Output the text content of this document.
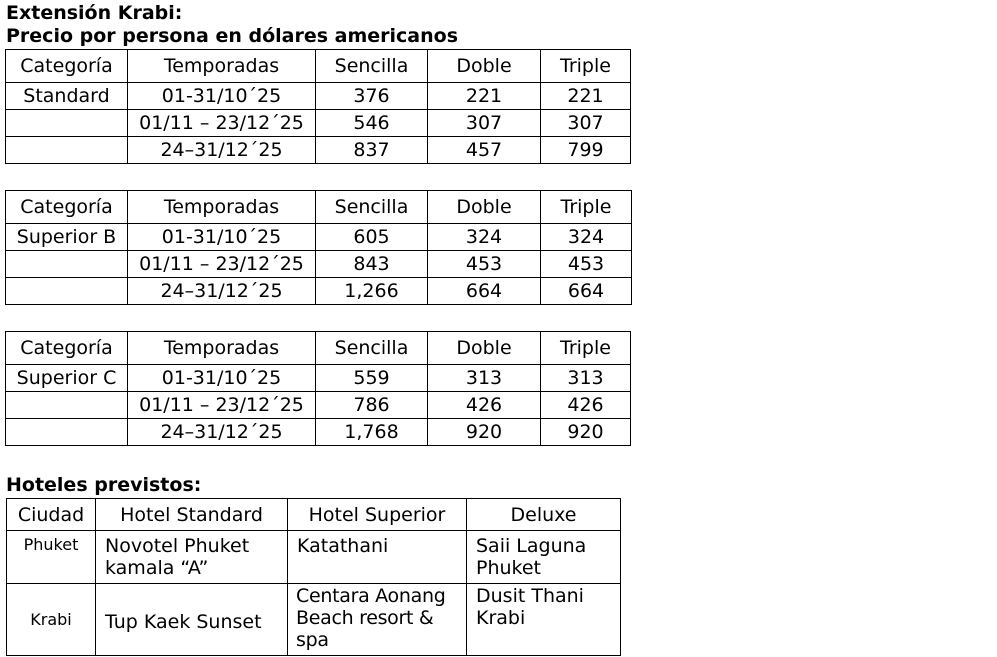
Extensión Krabi:
Precio por persona en dólares americanos
Categoría	Temporadas	Sencilla	Doble	Triple
Standard	01-31/10´25	376	221	221
	01/11 – 23/12´25	546	307	307
	24–31/12´25	837	457	799
Categoría	Temporadas	Sencilla	Doble	Triple
Superior B	01-31/10´25	605	324	324
	01/11 – 23/12´25	843	453	453
	24–31/12´25	1,266	664	664
Categoría	Temporadas	Sencilla	Doble	Triple
Superior C	01-31/10´25	559	313	313
	01/11 – 23/12´25	786	426	426
	24–31/12´25	1,768	920	920
Hoteles previstos:
Ciudad	Hotel Standard	Hotel Superior	Deluxe
Phuket	Novotel Phuket kamala “A”	Katathani	Saii Laguna Phuket
Krabi	Tup Kaek Sunset	Centara Aonang Beach resort & spa	Dusit Thani Krabi
